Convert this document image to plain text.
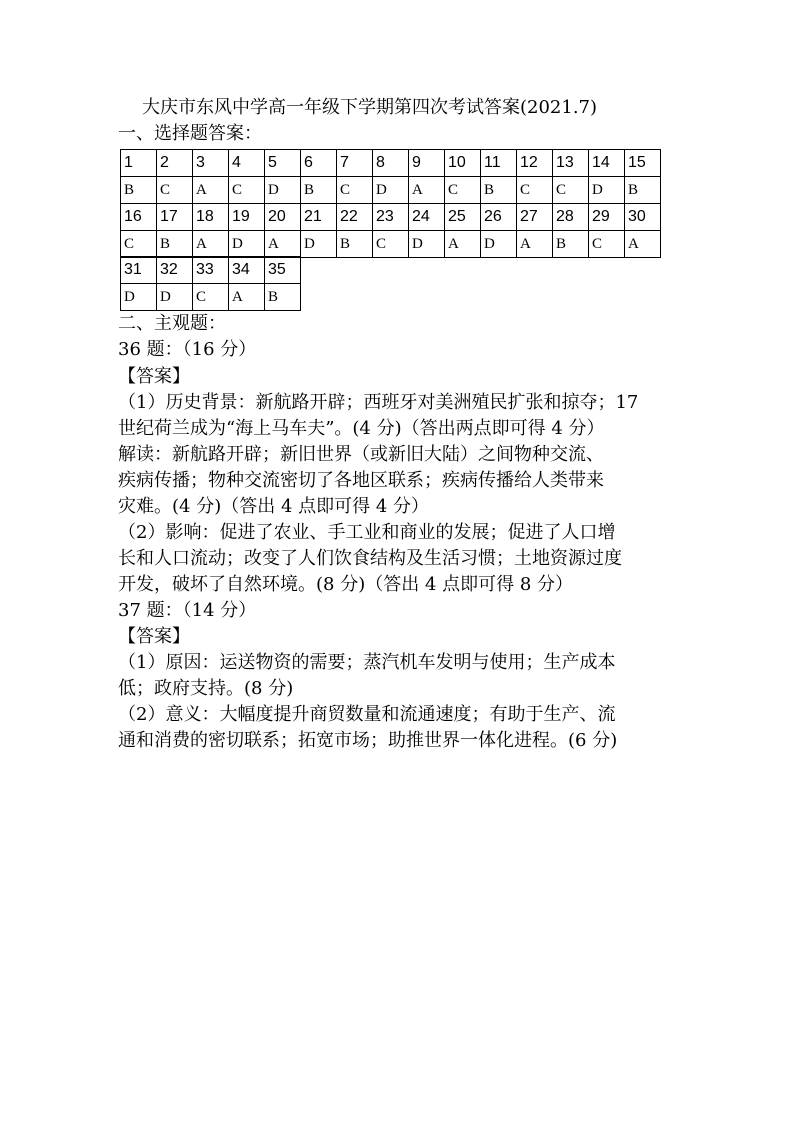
大庆市东风中学高一年级下学期第四次考试答案(2021.7)
一、选择题答案：
1	2	3	4	5	6	7	8	9	10	11	12	13	14	15
B	C	A	C	D	B	C	D	A	C	B	C	C	D	B
16	17	18	19	20	21	22	23	24	25	26	27	28	29	30
C	B	A	D	A	D	B	C	D	A	D	A	B	C	A
31	32	33	34	35
D	D	C	A	B
二、主观题：
36 题：（16 分）
【答案】
（1）历史背景：新航路开辟；西班牙对美洲殖民扩张和掠夺；17
世纪荷兰成为“海上马车夫”。(4 分)（答出两点即可得 4 分）
解读：新航路开辟；新旧世界（或新旧大陆）之间物种交流、
疾病传播；物种交流密切了各地区联系；疾病传播给人类带来
灾难。(4 分)（答出 4 点即可得 4 分）
（2）影响：促进了农业、手工业和商业的发展；促进了人口增
长和人口流动；改变了人们饮食结构及生活习惯；土地资源过度
开发，破坏了自然环境。(8 分)（答出 4 点即可得 8 分）
37 题：（14 分）
【答案】
（1）原因：运送物资的需要；蒸汽机车发明与使用；生产成本
低；政府支持。(8 分)
（2）意义：大幅度提升商贸数量和流通速度；有助于生产、流
通和消费的密切联系；拓宽市场；助推世界一体化进程。(6 分)
